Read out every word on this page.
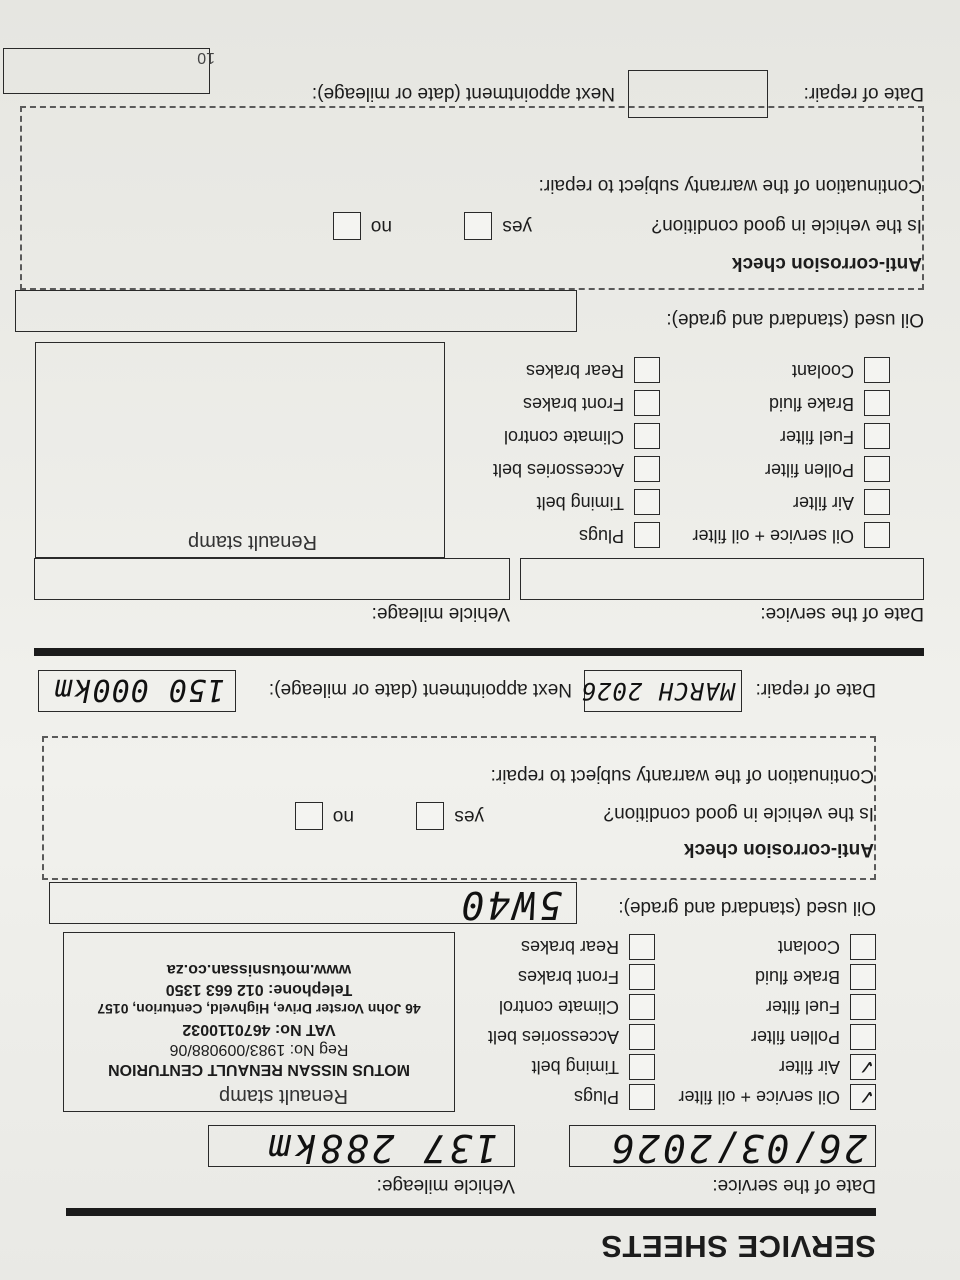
SERVICE SHEETS
Date of the service:
Vehicle mileage:
26/03/2026
137 288km
✓
Oil service + oil filter
✓
Air filter
Pollen filter
Fuel filter
Brake fluid
Coolant
Plugs
Timing belt
Accessories belt
Climate control
Front brakes
Rear brakes
Renault stamp
MOTUS NISSAN RENAULT CENTURION
Reg No: 1983/009088/06
VAT No: 4670110032
46 John Vorster Drive, Highveld, Centurion, 0157
Telephone: 012 663 1350
www.motusnissan.co.za
Oil used (standard and grade):
5W40
Anti-corrosion check
Is the vehicle in good condition?
yes
no
Continuation of the warranty subject to repair:
Date of repair:
MARCH 2026
Next appointment (date or mileage):
150 000km
Date of the service:
Vehicle mileage:
Oil service + oil filter
Air filter
Pollen filter
Fuel filter
Brake fluid
Coolant
Plugs
Timing belt
Accessories belt
Climate control
Front brakes
Rear brakes
Renault stamp
Oil used (standard and grade):
Anti-corrosion check
Is the vehicle in good condition?
yes
no
Continuation of the warranty subject to repair:
Date of repair:
Next appointment (date or mileage):
10
